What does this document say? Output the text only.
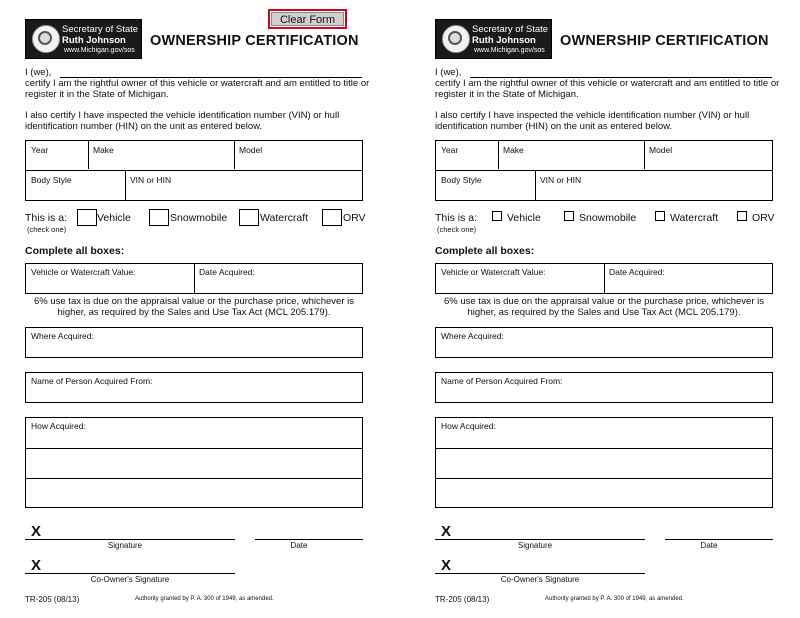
Secretary of State
Ruth Johnson
www.Michigan.gov/sos
OWNERSHIP CERTIFICATION
I (we),
certify I am the rightful owner of this vehicle or watercraft and am entitled to title or
register it in the State of Michigan.
I also certify I have inspected the vehicle identification number (VIN) or hull
identification number (HIN) on the unit as entered below.
Year	Make	Model
Body Style	VIN or HIN
This is a:
(check one)
Vehicle	Snowmobile	Watercraft	ORV
Complete all boxes:
Vehicle or Watercraft Value:	Date Acquired:
6% use tax is due on the appraisal value or the purchase price, whichever is
higher, as required by the Sales and Use Tax Act (MCL 205.179).
Where Acquired:
Name of Person Acquired From:
How Acquired:
X
Signature	Date
X
Co-Owner's Signature
TR-205 (08/13)	Authority granted by P. A. 300 of 1949, as amended.
Clear Form
Secretary of State
Ruth Johnson
www.Michigan.gov/sos
OWNERSHIP CERTIFICATION
I (we),
certify I am the rightful owner of this vehicle or watercraft and am entitled to title or
register it in the State of Michigan.
I also certify I have inspected the vehicle identification number (VIN) or hull
identification number (HIN) on the unit as entered below.
Year	Make	Model
Body Style	VIN or HIN
This is a:
(check one)
Vehicle	Snowmobile	Watercraft	ORV
Complete all boxes:
Vehicle or Watercraft Value:	Date Acquired:
6% use tax is due on the appraisal value or the purchase price, whichever is
higher, as required by the Sales and Use Tax Act (MCL 205.179).
Where Acquired:
Name of Person Acquired From:
How Acquired:
X
Signature	Date
X
Co-Owner's Signature
TR-205 (08/13)	Authority granted by P. A. 300 of 1949, as amended.
